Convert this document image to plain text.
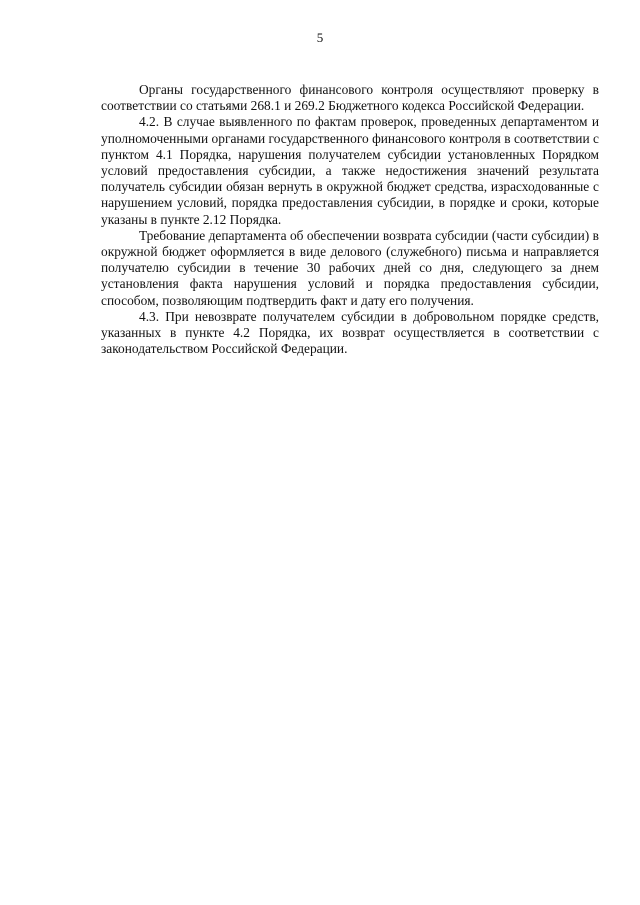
5

Органы государственного финансового контроля осуществляют проверку в соответствии со статьями 268.1 и 269.2 Бюджетного кодекса Российской Федерации.

4.2. В случае выявленного по фактам проверок, проведенных департаментом и уполномоченными органами государственного финансового контроля в соответствии с пунктом 4.1 Порядка, нарушения получателем субсидии установленных Порядком условий предоставления субсидии, а также недостижения значений результата получатель субсидии обязан вернуть в окружной бюджет средства, израсходованные с нарушением условий, порядка предоставления субсидии, в порядке и сроки, которые указаны в пункте 2.12 Порядка.

Требование департамента об обеспечении возврата субсидии (части субсидии) в окружной бюджет оформляется в виде делового (служебного) письма и направляется получателю субсидии в течение 30 рабочих дней со дня, следующего за днем установления факта нарушения условий и порядка предоставления субсидии, способом, позволяющим подтвердить факт и дату его получения.

4.3. При невозврате получателем субсидии в добровольном порядке средств, указанных в пункте 4.2 Порядка, их возврат осуществляется в соответствии с законодательством Российской Федерации.
